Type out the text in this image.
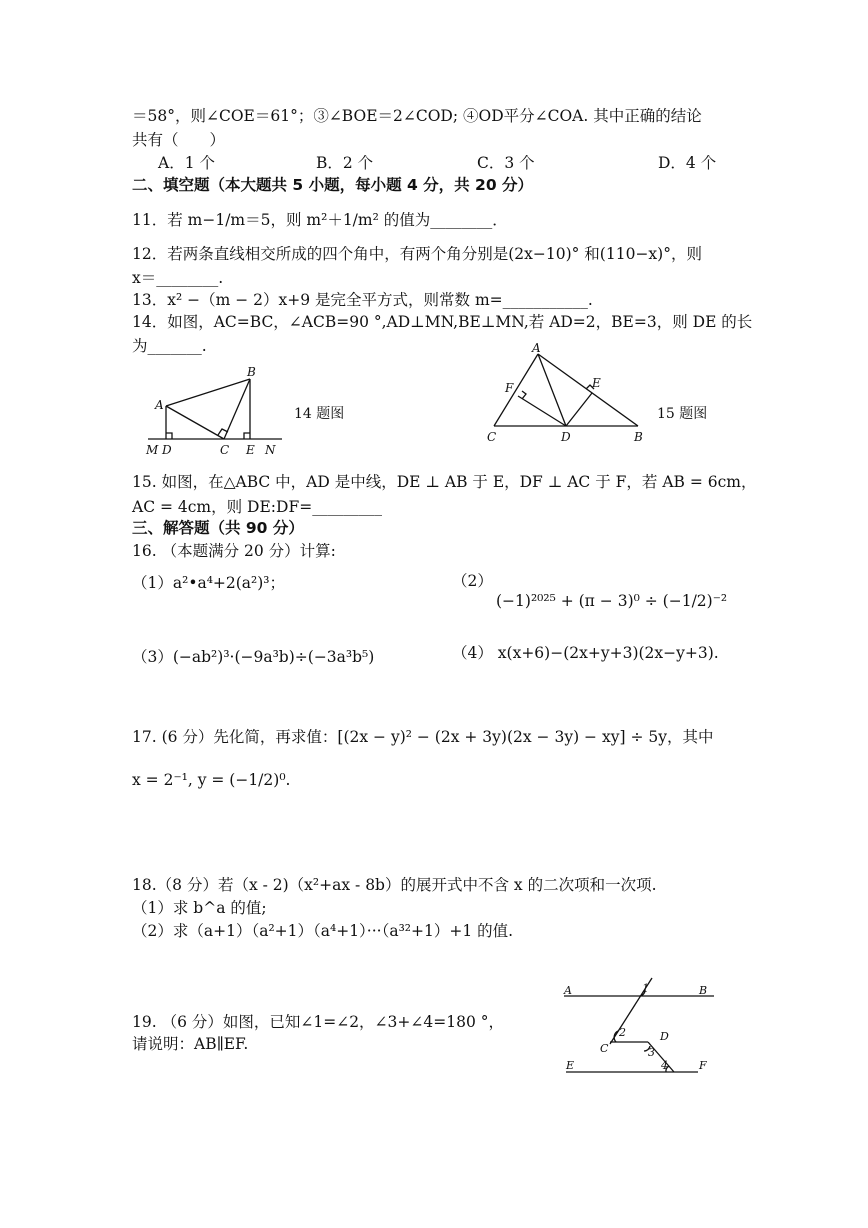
＝58°，则∠COE＝61°；③∠BOE＝2∠COD; ④OD平分∠COA. 其中正确的结论
共有（　　）
A．1 个	B．2 个	C．3 个	D．4 个
二、填空题（本大题共 5 小题，每小题 4 分，共 20 分）
11．若 m−1/m＝5，则 m²＋1/m² 的值为________．
12．若两条直线相交所成的四个角中，有两个角分别是(2x−10)° 和(110−x)°，则
x＝________.
13．x² −（m − 2）x+9 是完全平方式，则常数 m=___________.
14．如图，AC=BC，∠ACB=90 °,AD⊥MN,BE⊥MN,若 AD=2，BE=3，则 DE 的长
为_______.
A
B
M D	C E N
14 题图
A
F	E
C	D	B
15 题图
15. 如图，在△ABC 中，AD 是中线，DE ⊥ AB 于 E，DF ⊥ AC 于 F，若 AB = 6cm，
AC = 4cm，则 DE:DF=_________
三、解答题（共 90 分）
16. （本题满分 20 分）计算:
（1）a²•a⁴+2(a²)³；	（2）
(−1)²⁰²⁵ + (π − 3)⁰ ÷ (−1/2)⁻²
（3）(−ab²)³·(−9a³b)÷(−3a³b⁵)	（4） x(x+6)−(2x+y+3)(2x−y+3).
17. (6 分）先化简，再求值：[(2x − y)² − (2x + 3y)(2x − 3y) − xy] ÷ 5y，其中
x = 2⁻¹, y = (−1/2)⁰.
18.（8 分）若（x - 2)（x²+ax - 8b）的展开式中不含 x 的二次项和一次项.
（1）求 b^a 的值;
（2）求（a+1）（a²+1）（a⁴+1）···（a³²+1）+1 的值.
19. （6 分）如图，已知∠1=∠2，∠3+∠4=180 °，
请说明：AB∥EF.
A	1	B
2	D
C	3
E	4	F
